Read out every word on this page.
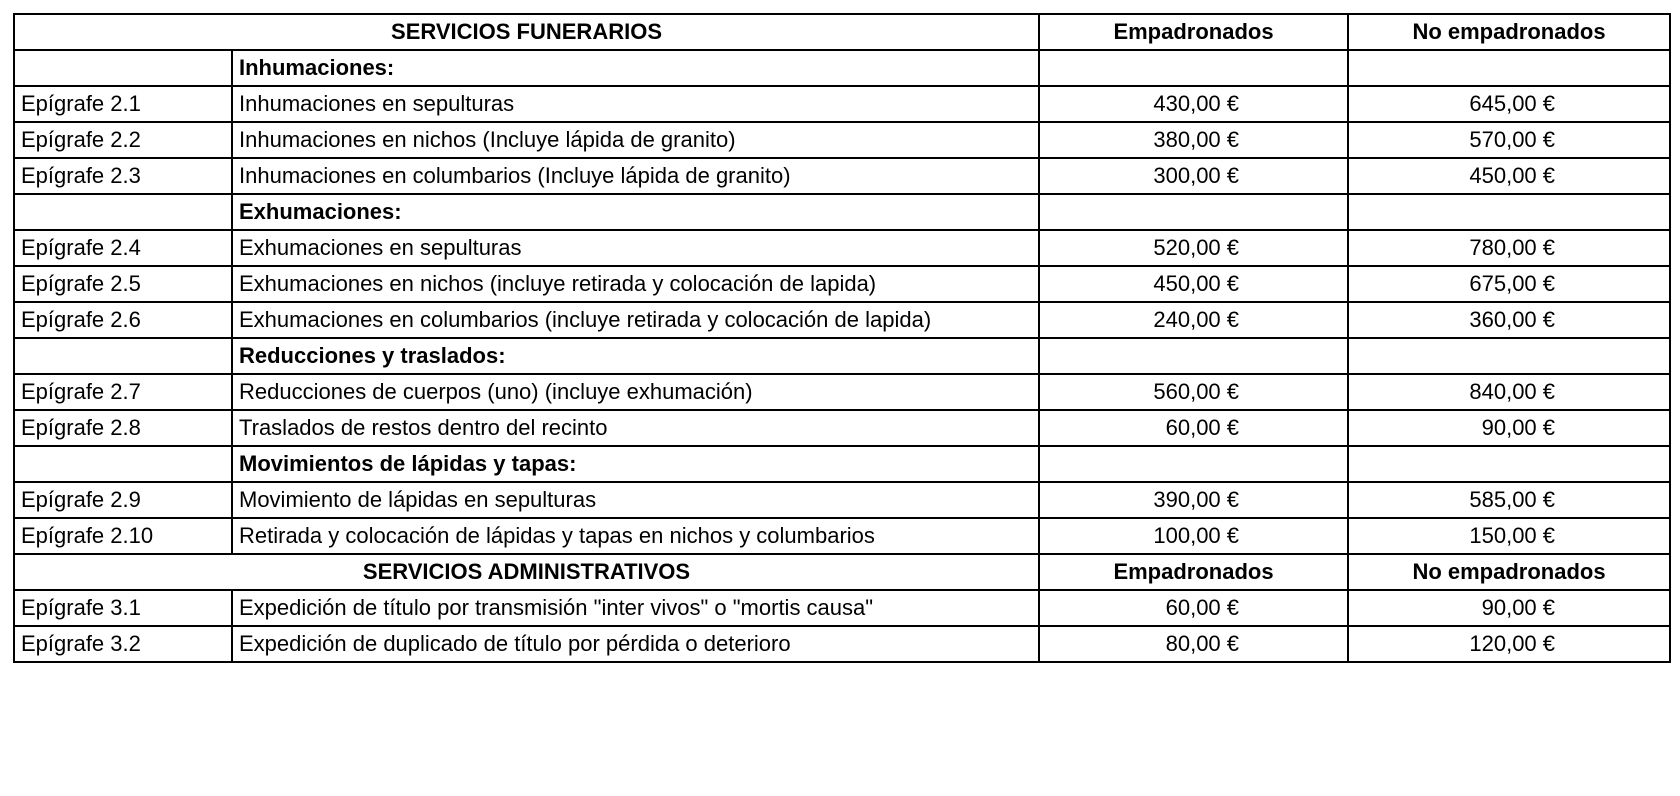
SERVICIOS FUNERARIOS		Empadronados	No empadronados
	Inhumaciones:		
Epígrafe 2.1	Inhumaciones en sepulturas	430,00 €	645,00 €
Epígrafe 2.2	Inhumaciones en nichos (Incluye lápida de granito)	380,00 €	570,00 €
Epígrafe 2.3	Inhumaciones en columbarios (Incluye lápida de granito)	300,00 €	450,00 €
	Exhumaciones:		
Epígrafe 2.4	Exhumaciones en sepulturas	520,00 €	780,00 €
Epígrafe 2.5	Exhumaciones en nichos (incluye retirada y colocación de lapida)	450,00 €	675,00 €
Epígrafe 2.6	Exhumaciones en columbarios (incluye retirada y colocación de lapida)	240,00 €	360,00 €
	Reducciones y traslados:		
Epígrafe 2.7	Reducciones de cuerpos (uno) (incluye exhumación)	560,00 €	840,00 €
Epígrafe 2.8	Traslados de restos dentro del recinto	60,00 €	90,00 €
	Movimientos de lápidas y tapas:		
Epígrafe 2.9	Movimiento de lápidas en sepulturas	390,00 €	585,00 €
Epígrafe 2.10	Retirada y colocación de lápidas y tapas en nichos y columbarios	100,00 €	150,00 €
SERVICIOS ADMINISTRATIVOS		Empadronados	No empadronados
Epígrafe 3.1	Expedición de título por transmisión "inter vivos" o "mortis causa"	60,00 €	90,00 €
Epígrafe 3.2	Expedición de duplicado de título por pérdida o deterioro	80,00 €	120,00 €
